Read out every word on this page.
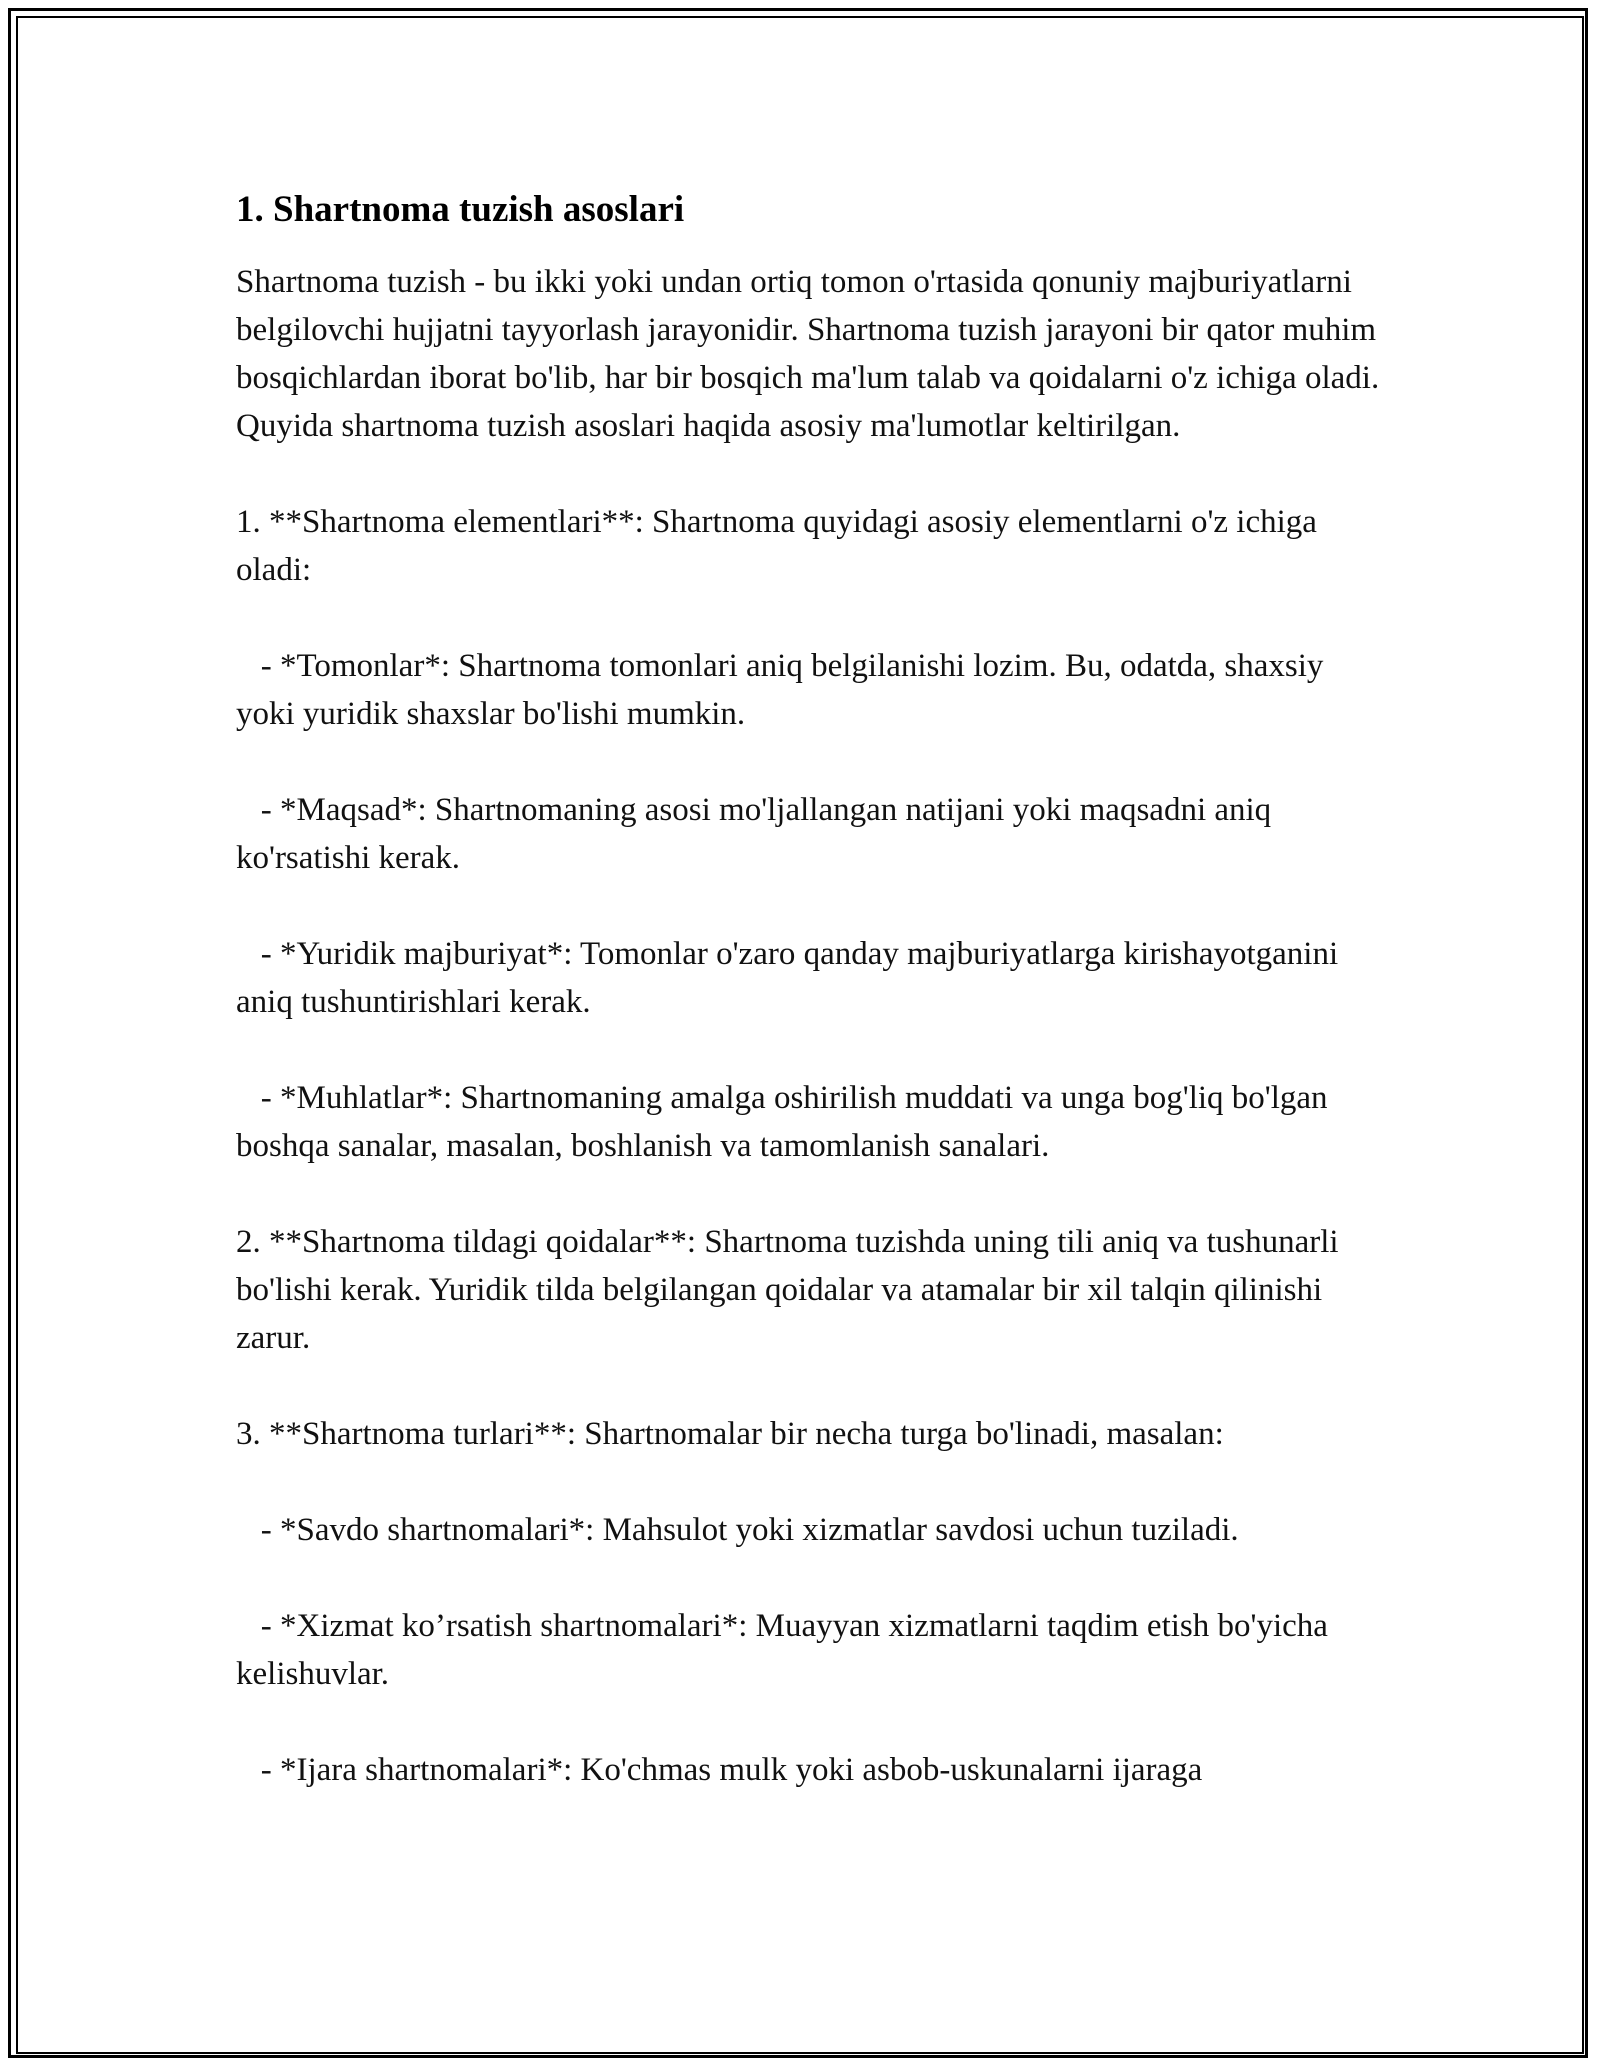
1. Shartnoma tuzish asoslari

Shartnoma tuzish - bu ikki yoki undan ortiq tomon o'rtasida qonuniy majburiyatlarni belgilovchi hujjatni tayyorlash jarayonidir. Shartnoma tuzish jarayoni bir qator muhim bosqichlardan iborat bo'lib, har bir bosqich ma'lum talab va qoidalarni o'z ichiga oladi. Quyida shartnoma tuzish asoslari haqida asosiy ma'lumotlar keltirilgan.

1. **Shartnoma elementlari**: Shartnoma quyidagi asosiy elementlarni o'z ichiga oladi:

- *Tomonlar*: Shartnoma tomonlari aniq belgilanishi lozim. Bu, odatda, shaxsiy yoki yuridik shaxslar bo'lishi mumkin.

- *Maqsad*: Shartnomaning asosi mo'ljallangan natijani yoki maqsadni aniq ko'rsatishi kerak.

- *Yuridik majburiyat*: Tomonlar o'zaro qanday majburiyatlarga kirishayotganini aniq tushuntirishlari kerak.

- *Muhlatlar*: Shartnomaning amalga oshirilish muddati va unga bog'liq bo'lgan boshqa sanalar, masalan, boshlanish va tamomlanish sanalari.

2. **Shartnoma tildagi qoidalar**: Shartnoma tuzishda uning tili aniq va tushunarli bo'lishi kerak. Yuridik tilda belgilangan qoidalar va atamalar bir xil talqin qilinishi zarur.

3. **Shartnoma turlari**: Shartnomalar bir necha turga bo'linadi, masalan:

- *Savdo shartnomalari*: Mahsulot yoki xizmatlar savdosi uchun tuziladi.

- *Xizmat ko’rsatish shartnomalari*: Muayyan xizmatlarni taqdim etish bo'yicha kelishuvlar.

- *Ijara shartnomalari*: Ko'chmas mulk yoki asbob-uskunalarni ijaraga
